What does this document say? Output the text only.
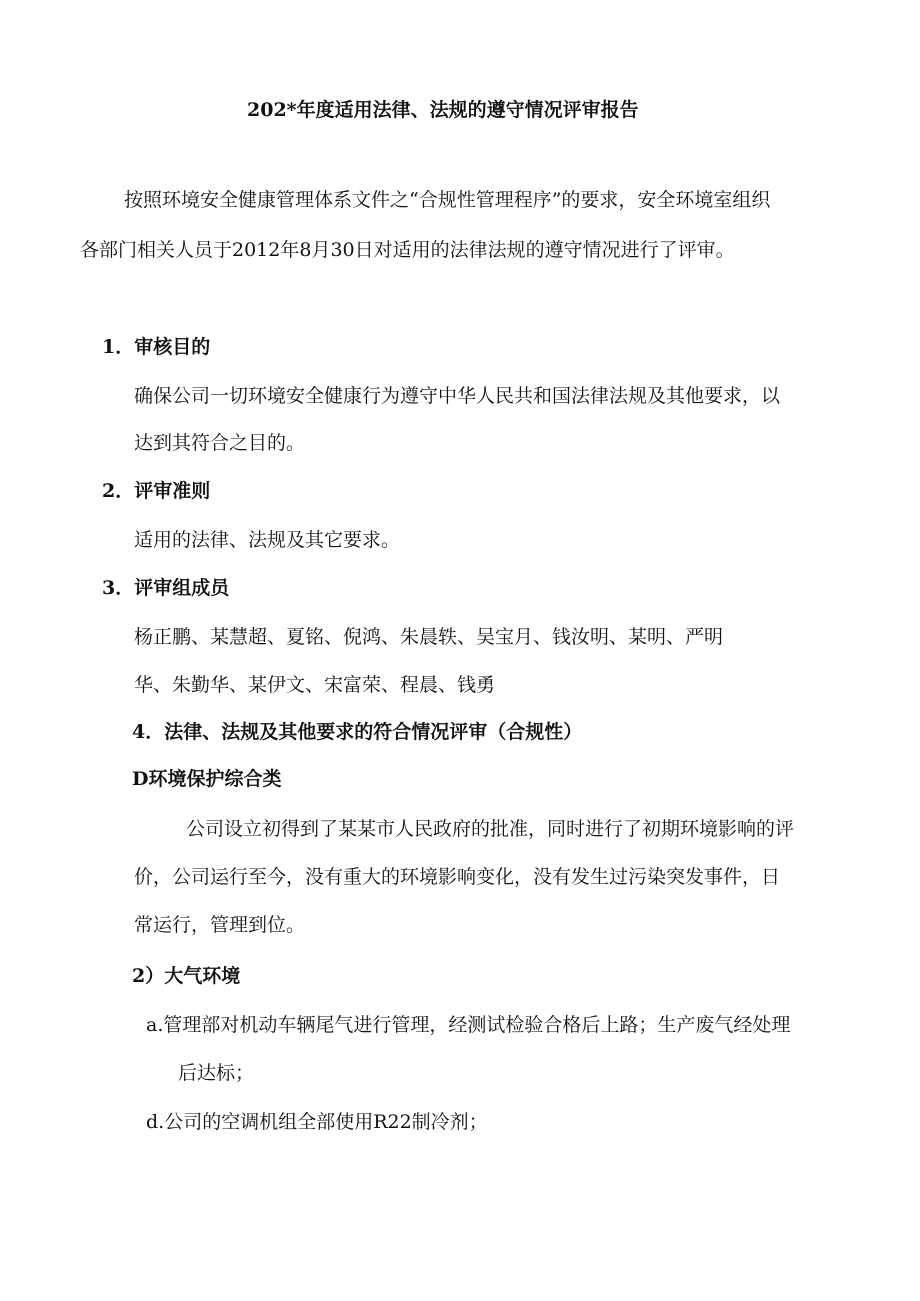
202*年度适用法律、法规的遵守情况评审报告
按照环境安全健康管理体系文件之“合规性管理程序”的要求，安全环境室组织
各部门相关人员于2012年8月30日对适用的法律法规的遵守情况进行了评审。
1．审核目的
确保公司一切环境安全健康行为遵守中华人民共和国法律法规及其他要求，以
达到其符合之目的。
2．评审准则
适用的法律、法规及其它要求。
3．评审组成员
杨正鹏、某慧超、夏铭、倪鸿、朱晨轶、吴宝月、钱汝明、某明、严明
华、朱勤华、某伊文、宋富荣、程晨、钱勇
4．法律、法规及其他要求的符合情况评审（合规性）
D环境保护综合类
公司设立初得到了某某市人民政府的批准，同时进行了初期环境影响的评
价，公司运行至今，没有重大的环境影响变化，没有发生过污染突发事件，日
常运行，管理到位。
2）大气环境
a.管理部对机动车辆尾气进行管理，经测试检验合格后上路；生产废气经处理
后达标；
d.公司的空调机组全部使用R22制冷剂；
